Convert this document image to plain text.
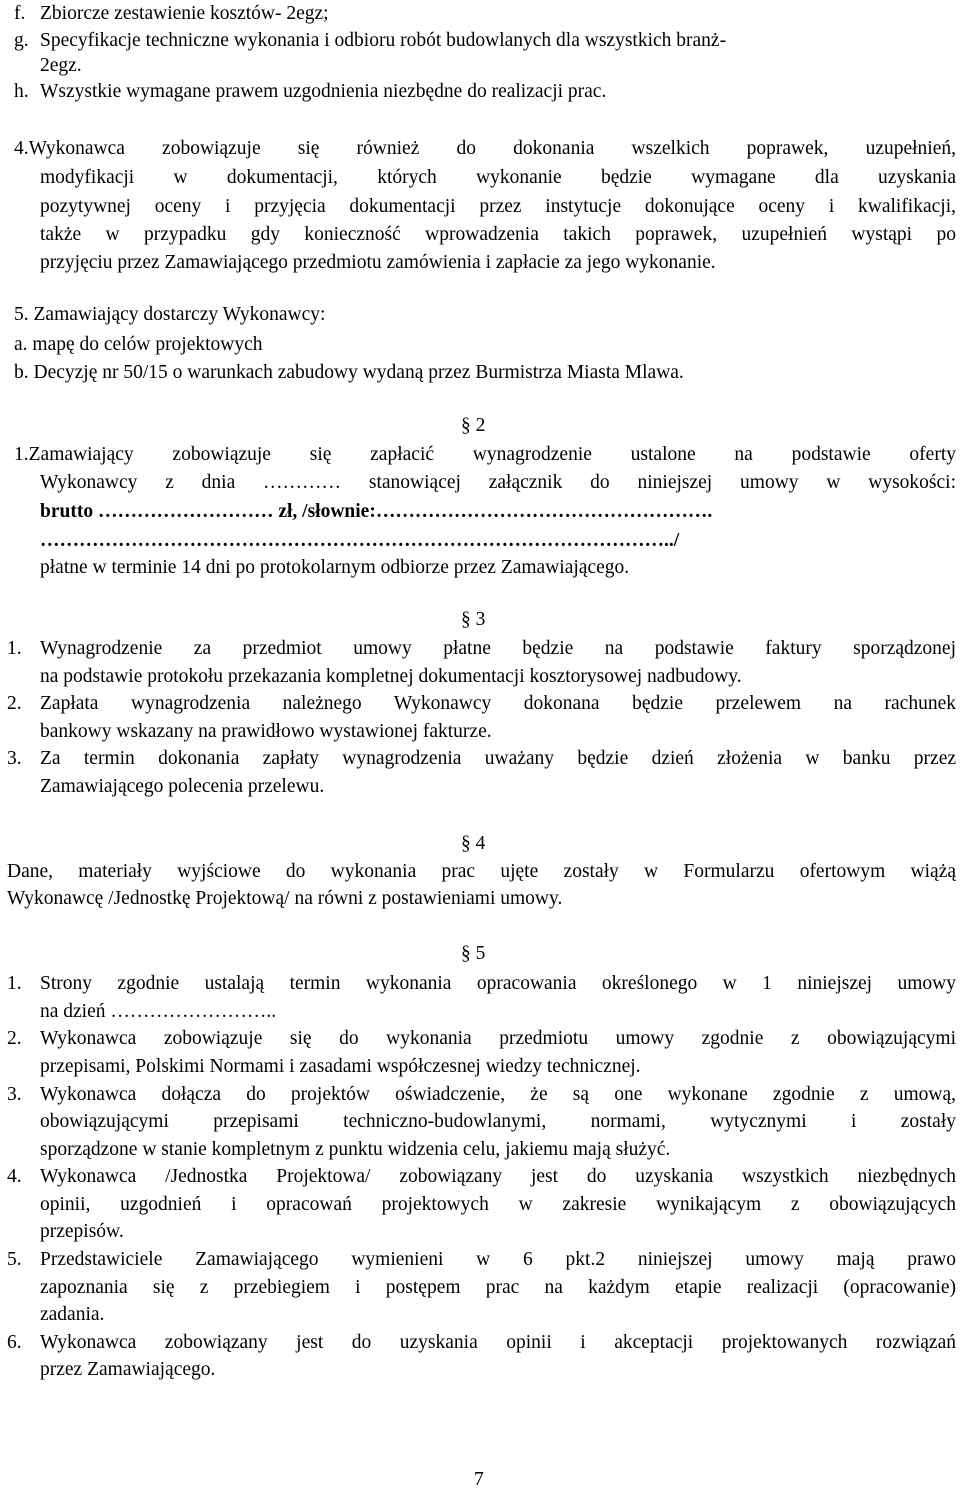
f. Zbiorcze zestawienie kosztów- 2egz;
g. Specyfikacje techniczne wykonania i odbioru robót budowlanych dla wszystkich branż-
2egz.
h. Wszystkie wymagane prawem uzgodnienia niezbędne do realizacji prac.
4.Wykonawca zobowiązuje się również do dokonania wszelkich poprawek, uzupełnień,
modyfikacji w dokumentacji, których wykonanie będzie wymagane dla uzyskania
pozytywnej oceny i przyjęcia dokumentacji przez instytucje dokonujące oceny i kwalifikacji,
także w przypadku gdy konieczność wprowadzenia takich poprawek, uzupełnień wystąpi po
przyjęciu przez Zamawiającego przedmiotu zamówienia i zapłacie za jego wykonanie.
5. Zamawiający dostarczy Wykonawcy:
a. mapę do celów projektowych
b. Decyzję nr 50/15 o warunkach zabudowy wydaną przez Burmistrza Miasta Mlawa.
§ 2
1.Zamawiający zobowiązuje się zapłacić wynagrodzenie ustalone na podstawie oferty
Wykonawcy z dnia ………… stanowiącej załącznik do niniejszej umowy w wysokości:
brutto ……………………… zł, /słownie:…………………………………………….
……………………………………………………………………………………../
płatne w terminie 14 dni po protokolarnym odbiorze przez Zamawiającego.
§ 3
1. Wynagrodzenie za przedmiot umowy płatne będzie na podstawie faktury sporządzonej
na podstawie protokołu przekazania kompletnej dokumentacji kosztorysowej nadbudowy.
2. Zapłata wynagrodzenia należnego Wykonawcy dokonana będzie przelewem na rachunek
bankowy wskazany na prawidłowo wystawionej fakturze.
3. Za termin dokonania zapłaty wynagrodzenia uważany będzie dzień złożenia w banku przez
Zamawiającego polecenia przelewu.
§ 4
Dane, materiały wyjściowe do wykonania prac ujęte zostały w Formularzu ofertowym wiążą
Wykonawcę /Jednostkę Projektową/ na równi z postawieniami umowy.
§ 5
1. Strony zgodnie ustalają termin wykonania opracowania określonego w 1 niniejszej umowy
na dzień ……………………..
2. Wykonawca zobowiązuje się do wykonania przedmiotu umowy zgodnie z obowiązującymi
przepisami, Polskimi Normami i zasadami współczesnej wiedzy technicznej.
3. Wykonawca dołącza do projektów oświadczenie, że są one wykonane zgodnie z umową,
obowiązującymi przepisami techniczno-budowlanymi, normami, wytycznymi i zostały
sporządzone w stanie kompletnym z punktu widzenia celu, jakiemu mają służyć.
4. Wykonawca /Jednostka Projektowa/ zobowiązany jest do uzyskania wszystkich niezbędnych
opinii, uzgodnień i opracowań projektowych w zakresie wynikającym z obowiązujących
przepisów.
5. Przedstawiciele Zamawiającego wymienieni w 6 pkt.2 niniejszej umowy mają prawo
zapoznania się z przebiegiem i postępem prac na każdym etapie realizacji (opracowanie)
zadania.
6. Wykonawca zobowiązany jest do uzyskania opinii i akceptacji projektowanych rozwiązań
przez Zamawiającego.
7
